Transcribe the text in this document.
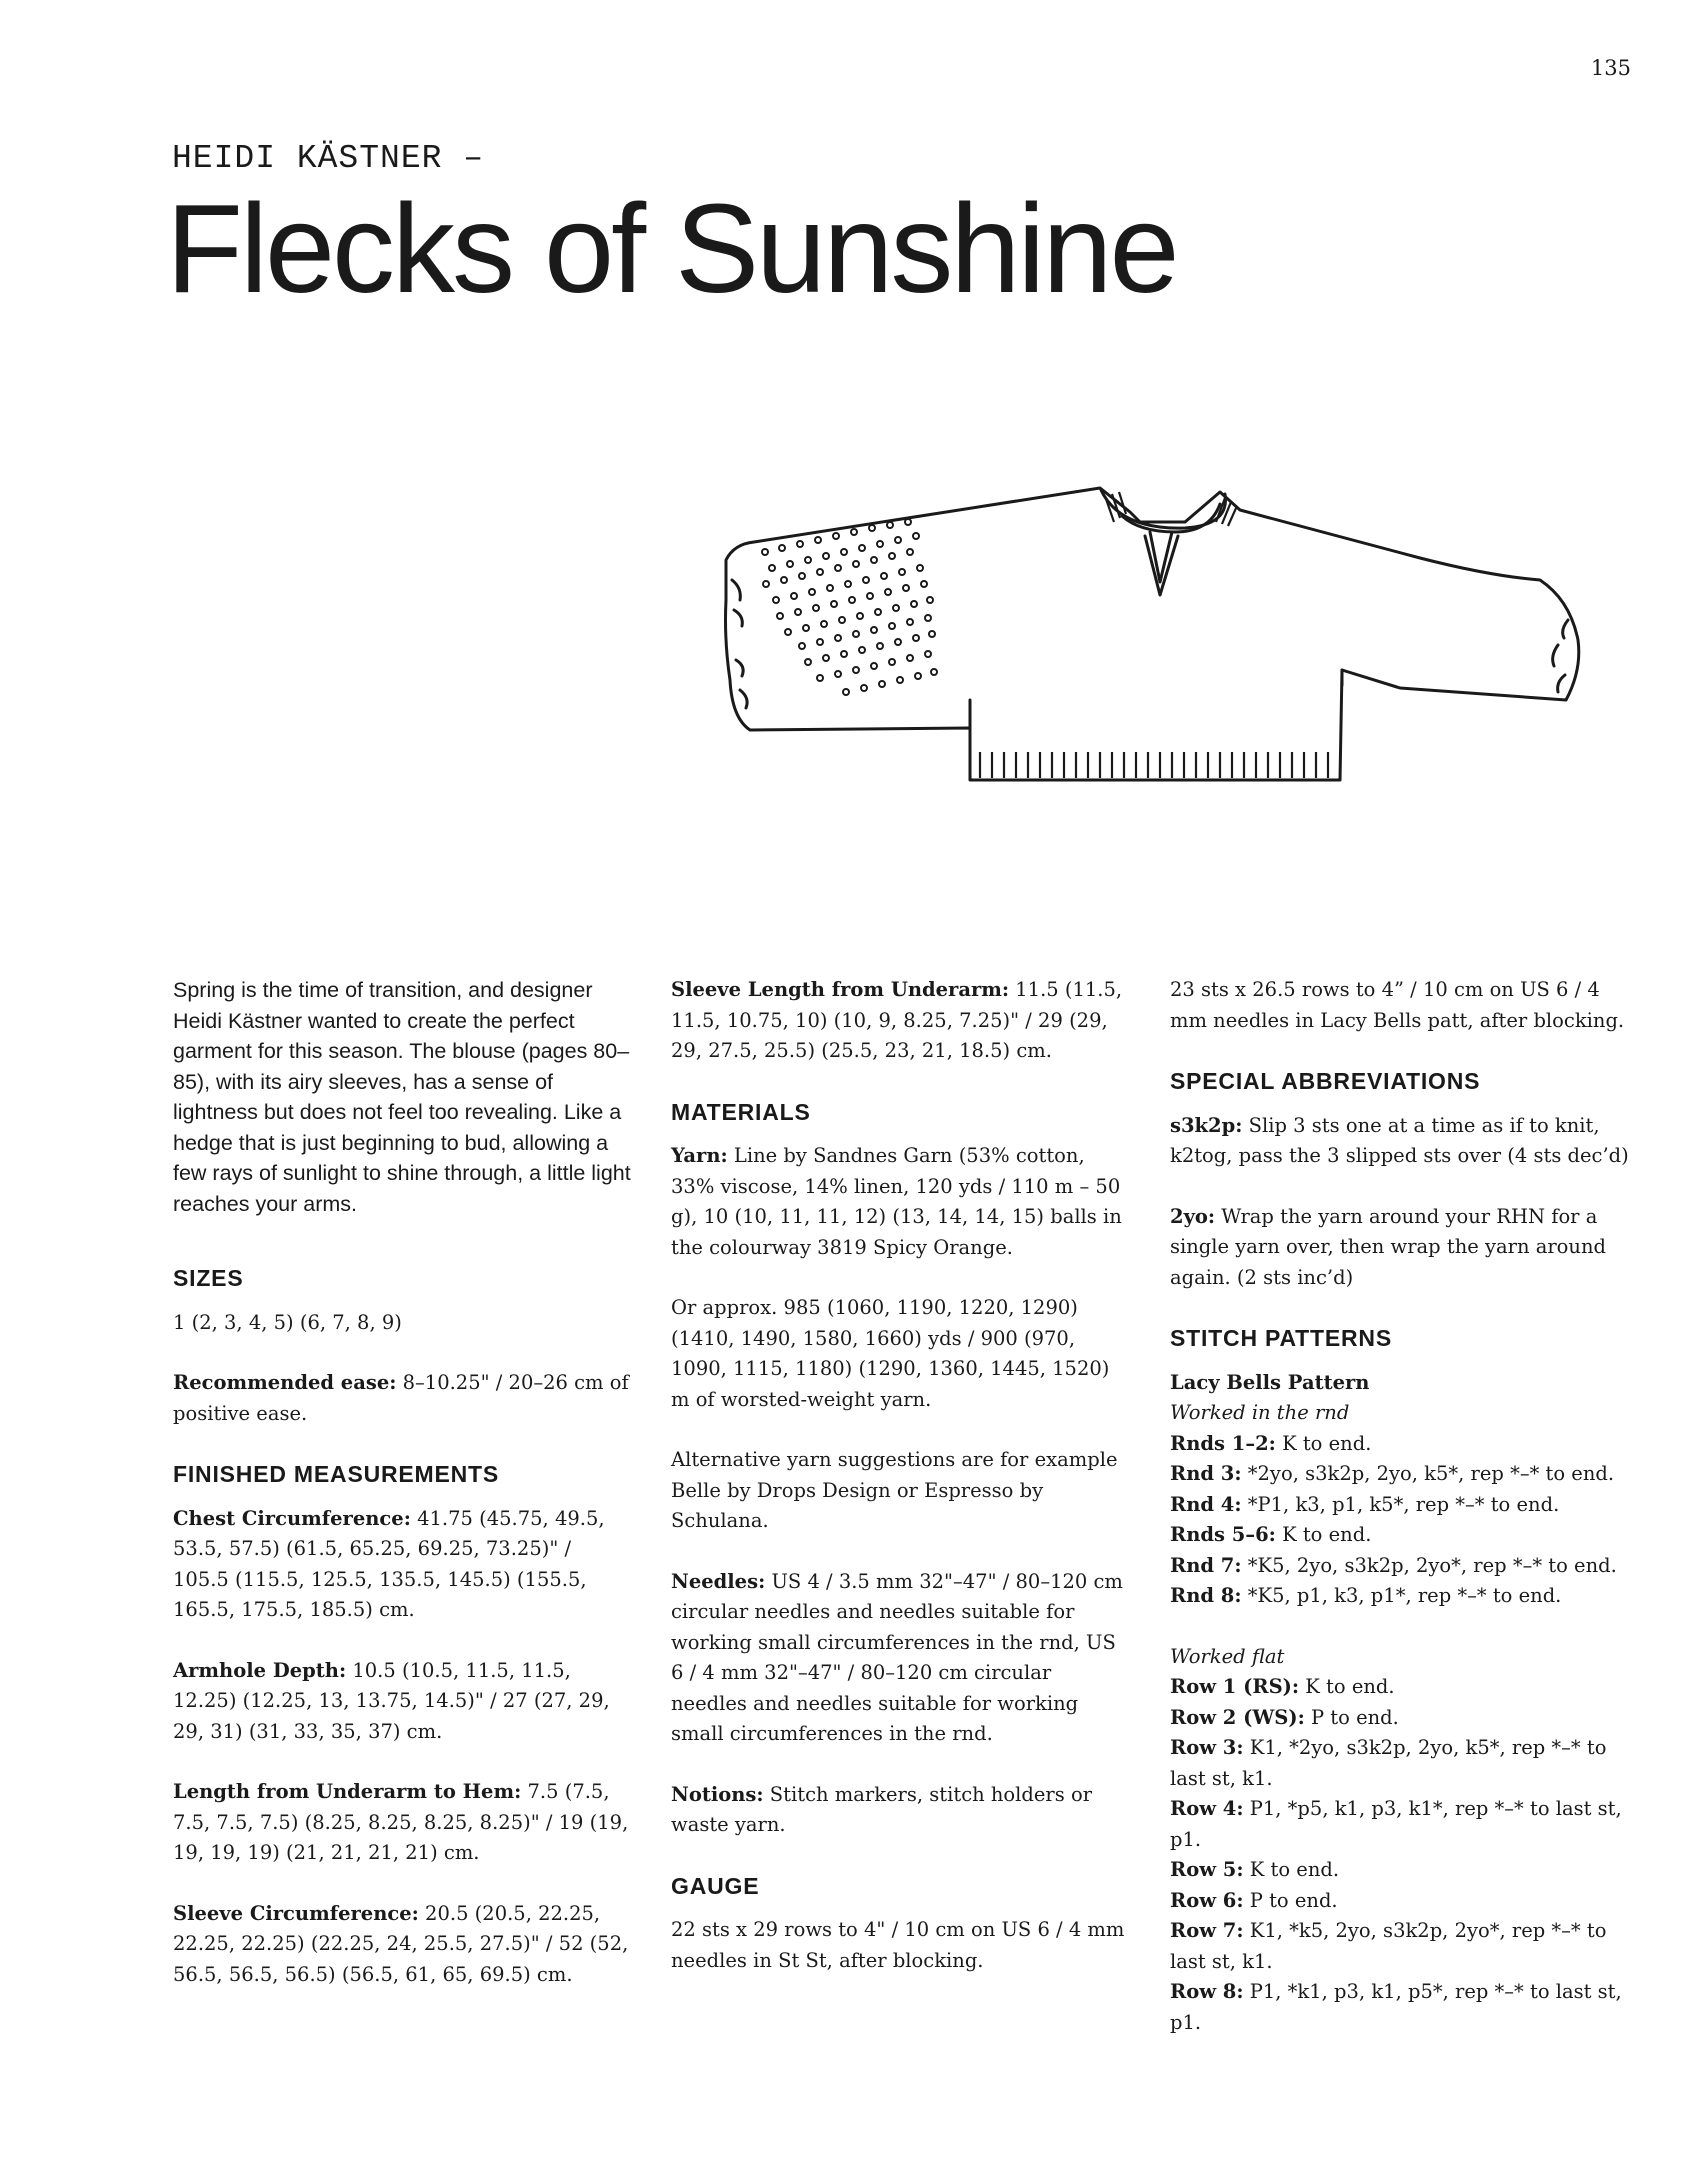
135
HEIDI KÄSTNER –
Flecks of Sunshine

Spring is the time of transition, and designer Heidi Kästner wanted to create the perfect garment for this season. The blouse (pages 80–85), with its airy sleeves, has a sense of lightness but does not feel too revealing. Like a hedge that is just beginning to bud, allowing a few rays of sunlight to shine through, a little light reaches your arms.

SIZES

1 (2, 3, 4, 5) (6, 7, 8, 9)

Recommended ease: 8–10.25" / 20–26 cm of positive ease.

FINISHED MEASUREMENTS

Chest Circumference: 41.75 (45.75, 49.5, 53.5, 57.5) (61.5, 65.25, 69.25, 73.25)" / 105.5 (115.5, 125.5, 135.5, 145.5) (155.5, 165.5, 175.5, 185.5) cm.

Armhole Depth: 10.5 (10.5, 11.5, 11.5, 12.25) (12.25, 13, 13.75, 14.5)" / 27 (27, 29, 29, 31) (31, 33, 35, 37) cm.

Length from Underarm to Hem: 7.5 (7.5, 7.5, 7.5, 7.5) (8.25, 8.25, 8.25, 8.25)" / 19 (19, 19, 19, 19) (21, 21, 21, 21) cm.

Sleeve Circumference: 20.5 (20.5, 22.25, 22.25, 22.25) (22.25, 24, 25.5, 27.5)" / 52 (52, 56.5, 56.5, 56.5) (56.5, 61, 65, 69.5) cm.

Sleeve Length from Underarm: 11.5 (11.5, 11.5, 10.75, 10) (10, 9, 8.25, 7.25)" / 29 (29, 29, 27.5, 25.5) (25.5, 23, 21, 18.5) cm.

MATERIALS

Yarn: Line by Sandnes Garn (53% cotton, 33% viscose, 14% linen, 120 yds / 110 m – 50 g), 10 (10, 11, 11, 12) (13, 14, 14, 15) balls in the colourway 3819 Spicy Orange.

Or approx. 985 (1060, 1190, 1220, 1290) (1410, 1490, 1580, 1660) yds / 900 (970, 1090, 1115, 1180) (1290, 1360, 1445, 1520) m of worsted-weight yarn.

Alternative yarn suggestions are for example Belle by Drops Design or Espresso by Schulana.

Needles: US 4 / 3.5 mm 32"–47" / 80–120 cm circular needles and needles suitable for working small circumferences in the rnd, US 6 / 4 mm 32"–47" / 80–120 cm circular needles and needles suitable for working small circumferences in the rnd.

Notions: Stitch markers, stitch holders or waste yarn.

GAUGE

22 sts x 29 rows to 4" / 10 cm on US 6 / 4 mm needles in St St, after blocking.

23 sts x 26.5 rows to 4” / 10 cm on US 6 / 4 mm needles in Lacy Bells patt, after blocking.

SPECIAL ABBREVIATIONS

s3k2p: Slip 3 sts one at a time as if to knit, k2tog, pass the 3 slipped sts over (4 sts dec’d)

2yo: Wrap the yarn around your RHN for a single yarn over, then wrap the yarn around again. (2 sts inc’d)

STITCH PATTERNS

Lacy Bells Pattern

Worked in the rnd

Rnds 1–2: K to end.

Rnd 3: *2yo, s3k2p, 2yo, k5*, rep *–* to end.

Rnd 4: *P1, k3, p1, k5*, rep *–* to end.

Rnds 5–6: K to end.

Rnd 7: *K5, 2yo, s3k2p, 2yo*, rep *–* to end.

Rnd 8: *K5, p1, k3, p1*, rep *–* to end.

Worked flat

Row 1 (RS): K to end.

Row 2 (WS): P to end.

Row 3: K1, *2yo, s3k2p, 2yo, k5*, rep *–* to last st, k1.

Row 4: P1, *p5, k1, p3, k1*, rep *–* to last st, p1.

Row 5: K to end.

Row 6: P to end.

Row 7: K1, *k5, 2yo, s3k2p, 2yo*, rep *–* to last st, k1.

Row 8: P1, *k1, p3, k1, p5*, rep *–* to last st, p1.
